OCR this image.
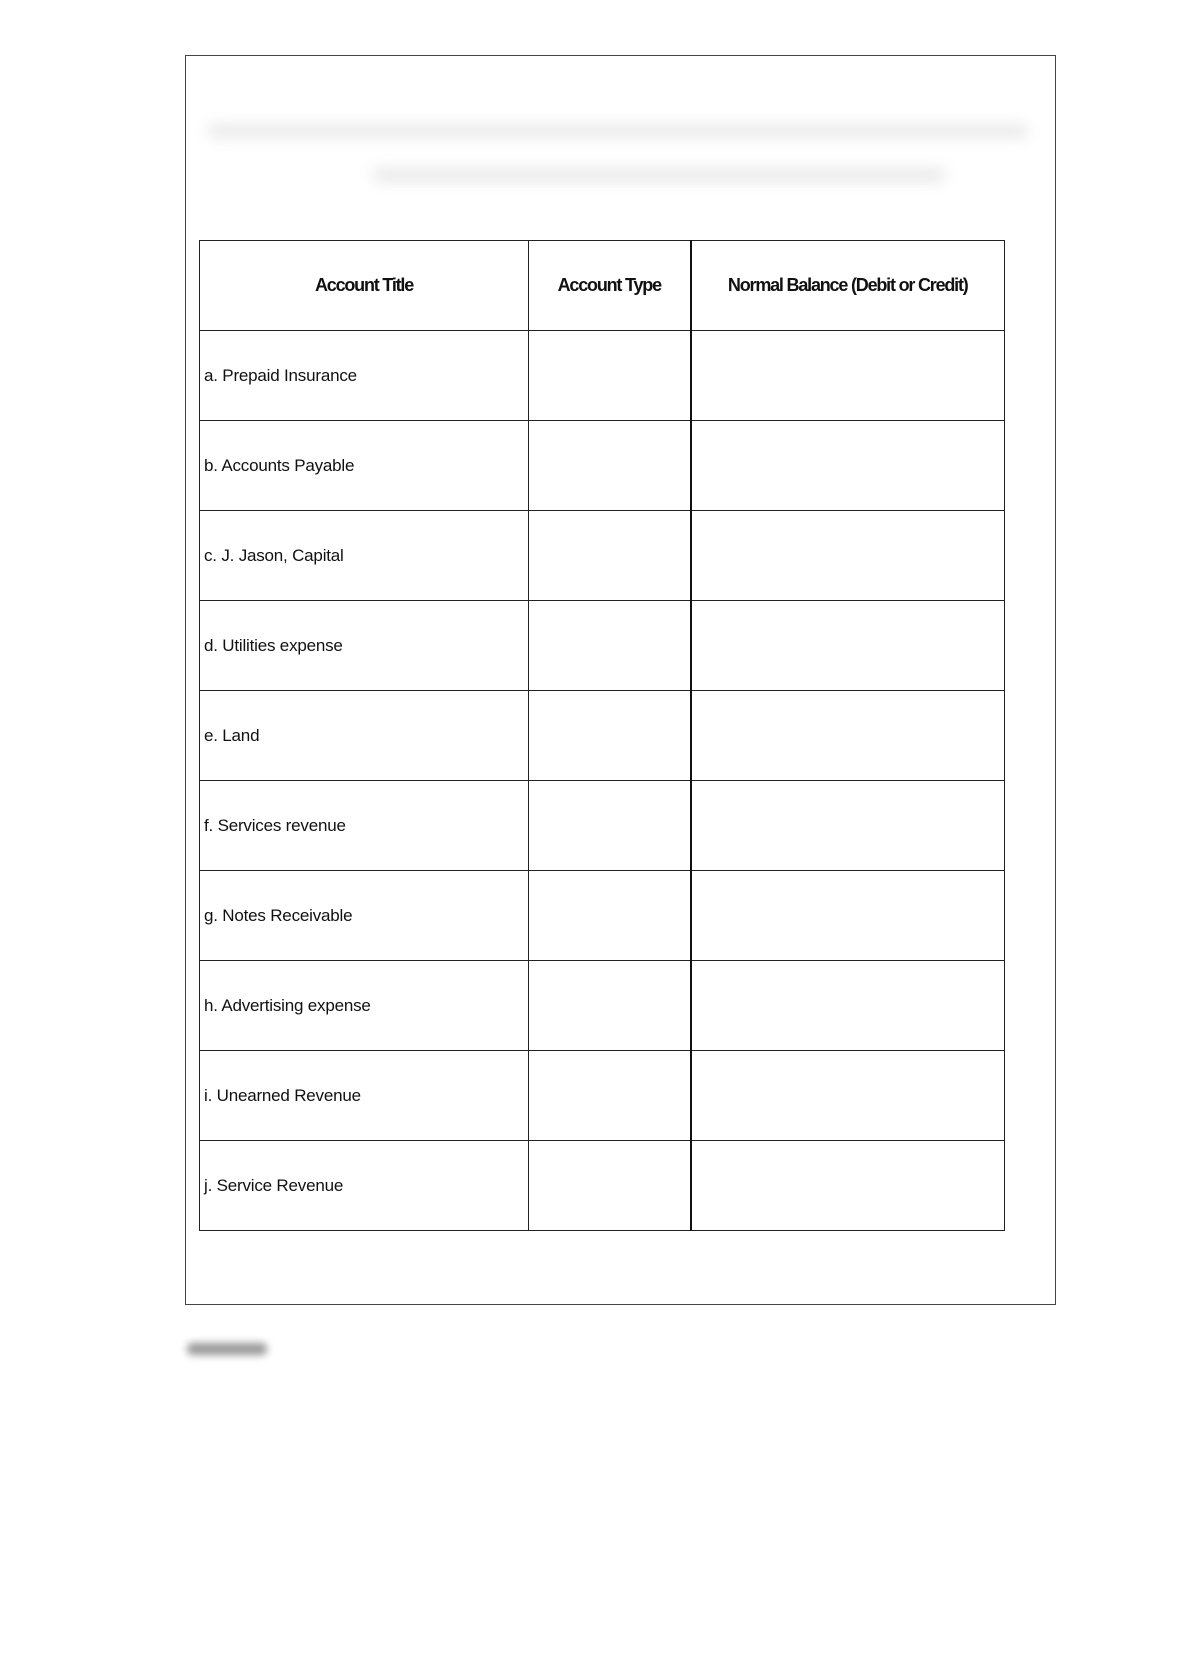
Account Title	Account Type	Normal Balance (Debit or Credit)
a. Prepaid Insurance		
b. Accounts Payable		
c. J. Jason, Capital		
d. Utilities expense		
e. Land		
f. Services revenue		
g. Notes Receivable		
h. Advertising expense		
i. Unearned Revenue		
j. Service Revenue		
